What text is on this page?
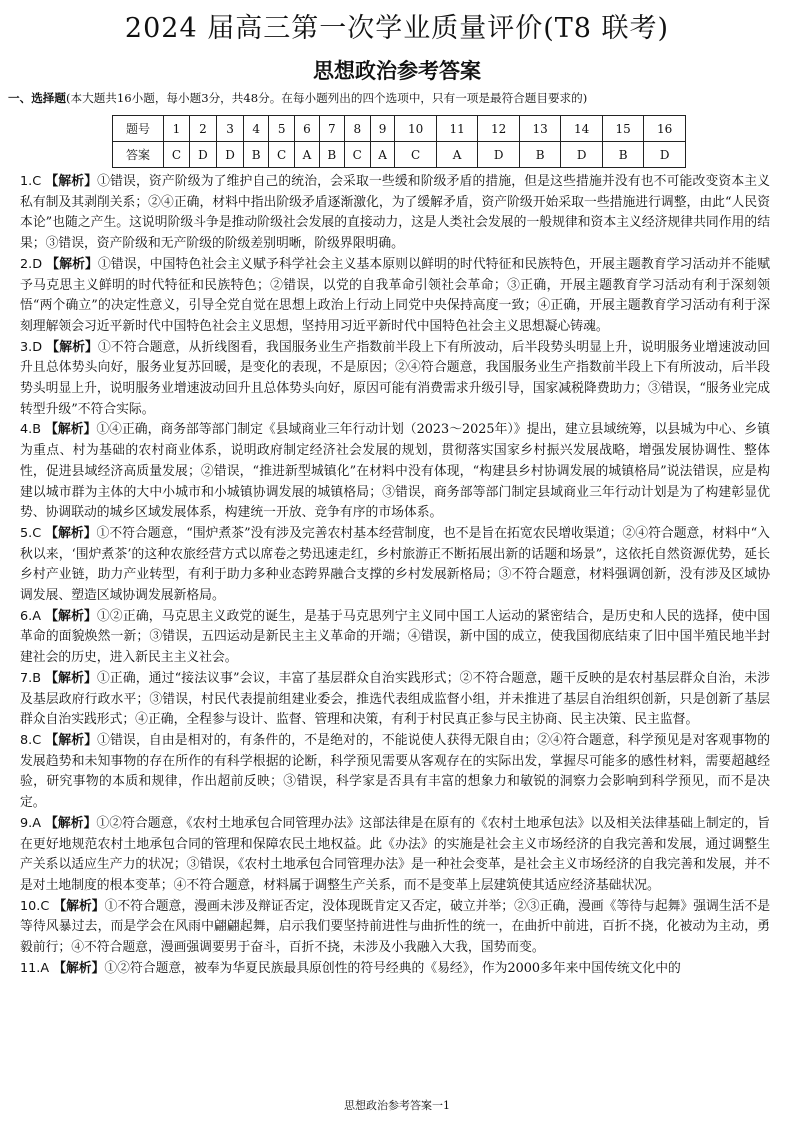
2024 届高三第一次学业质量评价(T8 联考)
思想政治参考答案
一、选择题(本大题共16小题，每小题3分，共48分。在每小题列出的四个选项中，只有一项是最符合题目要求的)
题号	1	2	3	4	5	6	7	8	9	10	11	12	13	14	15	16
答案	C	D	D	B	C	A	B	C	A	C	A	D	B	D	B	D

1.C 【解析】①错误，资产阶级为了维护自己的统治，会采取一些缓和阶级矛盾的措施，但是这些措施并没有也不可能改变资本主义私有制及其剥削关系；②④正确，材料中指出阶级矛盾逐渐激化，为了缓解矛盾，资产阶级开始采取一些措施进行调整，由此“人民资本论”也随之产生。这说明阶级斗争是推动阶级社会发展的直接动力，这是人类社会发展的一般规律和资本主义经济规律共同作用的结果；③错误，资产阶级和无产阶级的阶级差别明晰，阶级界限明确。

2.D 【解析】①错误，中国特色社会主义赋予科学社会主义基本原则以鲜明的时代特征和民族特色，开展主题教育学习活动并不能赋予马克思主义鲜明的时代特征和民族特色；②错误，以党的自我革命引领社会革命；③正确，开展主题教育学习活动有利于深刻领悟“两个确立”的决定性意义，引导全党自觉在思想上政治上行动上同党中央保持高度一致；④正确，开展主题教育学习活动有利于深刻理解领会习近平新时代中国特色社会主义思想，坚持用习近平新时代中国特色社会主义思想凝心铸魂。

3.D 【解析】①不符合题意，从折线图看，我国服务业生产指数前半段上下有所波动，后半段势头明显上升，说明服务业增速波动回升且总体势头向好，服务业复苏回暖，是变化的表现，不是原因；②④符合题意，我国服务业生产指数前半段上下有所波动，后半段势头明显上升，说明服务业增速波动回升且总体势头向好，原因可能有消费需求升级引导，国家减税降费助力；③错误，“服务业完成转型升级”不符合实际。

4.B 【解析】①④正确，商务部等部门制定《县域商业三年行动计划（2023～2025年）》提出，建立县域统筹，以县城为中心、乡镇为重点、村为基础的农村商业体系，说明政府制定经济社会发展的规划，贯彻落实国家乡村振兴发展战略，增强发展协调性、整体性，促进县域经济高质量发展；②错误，“推进新型城镇化”在材料中没有体现，“构建县乡村协调发展的城镇格局”说法错误，应是构建以城市群为主体的大中小城市和小城镇协调发展的城镇格局；③错误，商务部等部门制定县域商业三年行动计划是为了构建彰显优势、协调联动的城乡区域发展体系，构建统一开放、竞争有序的市场体系。

5.C 【解析】①不符合题意，“围炉煮茶”没有涉及完善农村基本经营制度，也不是旨在拓宽农民增收渠道；②④符合题意，材料中“入秋以来，‘围炉煮茶’的这种农旅经营方式以席卷之势迅速走红，乡村旅游正不断拓展出新的话题和场景”，这依托自然资源优势，延长乡村产业链，助力产业转型，有利于助力多种业态跨界融合支撑的乡村发展新格局；③不符合题意，材料强调创新，没有涉及区域协调发展、塑造区域协调发展新格局。

6.A 【解析】①②正确，马克思主义政党的诞生，是基于马克思列宁主义同中国工人运动的紧密结合，是历史和人民的选择，使中国革命的面貌焕然一新；③错误，五四运动是新民主主义革命的开端；④错误，新中国的成立，使我国彻底结束了旧中国半殖民地半封建社会的历史，进入新民主主义社会。

7.B 【解析】①正确，通过“接法议事”会议，丰富了基层群众自治实践形式；②不符合题意，题干反映的是农村基层群众自治，未涉及基层政府行政水平；③错误，村民代表提前组建业委会，推选代表组成监督小组，并未推进了基层自治组织创新，只是创新了基层群众自治实践形式；④正确，全程参与设计、监督、管理和决策，有利于村民真正参与民主协商、民主决策、民主监督。

8.C 【解析】①错误，自由是相对的，有条件的，不是绝对的，不能说使人获得无限自由；②④符合题意，科学预见是对客观事物的发展趋势和未知事物的存在所作的有科学根据的论断，科学预见需要从客观存在的实际出发，掌握尽可能多的感性材料，需要超越经验，研究事物的本质和规律，作出超前反映；③错误，科学家是否具有丰富的想象力和敏锐的洞察力会影响到科学预见，而不是决定。

9.A 【解析】①②符合题意，《农村土地承包合同管理办法》这部法律是在原有的《农村土地承包法》以及相关法律基础上制定的，旨在更好地规范农村土地承包合同的管理和保障农民土地权益。此《办法》的实施是社会主义市场经济的自我完善和发展，通过调整生产关系以适应生产力的状况；③错误，《农村土地承包合同管理办法》是一种社会变革，是社会主义市场经济的自我完善和发展，并不是对土地制度的根本变革；④不符合题意，材料属于调整生产关系，而不是变革上层建筑使其适应经济基础状况。

10.C 【解析】①不符合题意，漫画未涉及辩证否定，没体现既肯定又否定，破立并举；②③正确，漫画《等待与起舞》强调生活不是等待风暴过去，而是学会在风雨中翩翩起舞，启示我们要坚持前进性与曲折性的统一，在曲折中前进，百折不挠，化被动为主动，勇毅前行；④不符合题意，漫画强调要男于奋斗，百折不挠，未涉及小我融入大我，国势而变。

11.A 【解析】①②符合题意，被奉为华夏民族最具原创性的符号经典的《易经》，作为2000多年来中国传统文化中的

思想政治参考答案一1
